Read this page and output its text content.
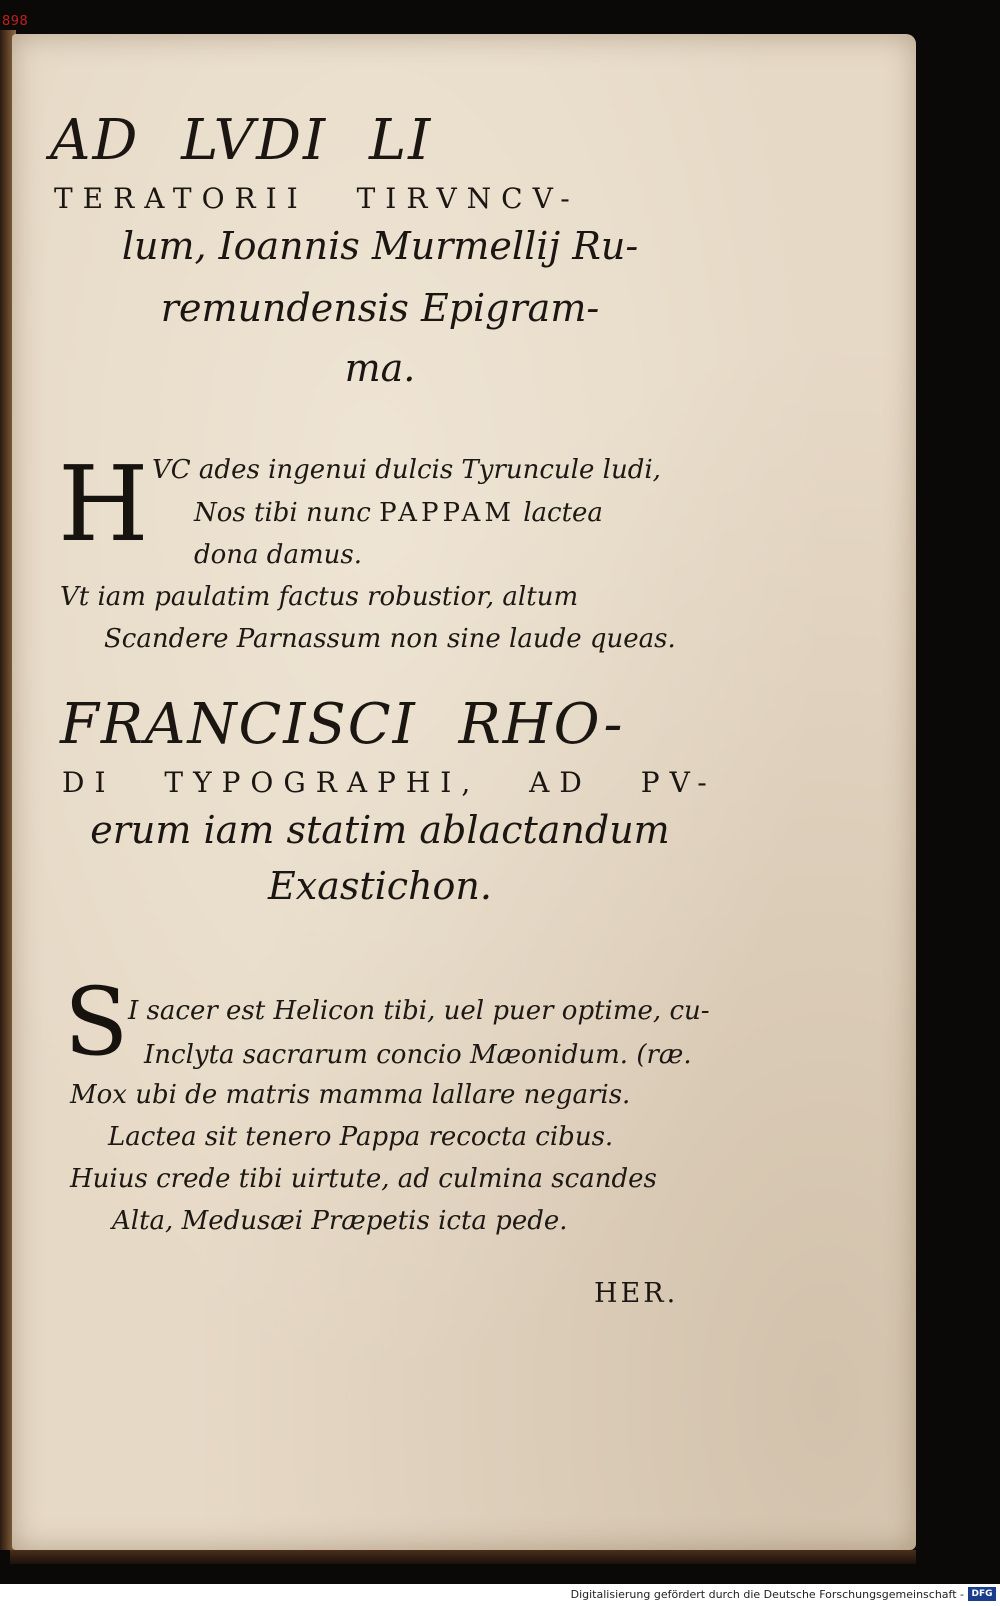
898
AD LVDI LI
TERATORII TIRVNCV-
lum, Ioannis Murmellij Ru-
remundensis Epigram-
ma.
H VC ades ingenui dulcis Tyruncule ludi,
Nos tibi nunc PAPPAM lactea
dona damus.
Vt iam paulatim factus robustior, altum
Scandere Parnassum non sine laude queas.
FRANCISCI RHO-
DI TYPOGRAPHI, AD PV-
erum iam statim ablactandum
Exastichon.
S I sacer est Helicon tibi, uel puer optime, cu-
Inclyta sacrarum concio Mæonidum. (ræ.
Mox ubi de matris mamma lallare negaris.
Lactea sit tenero Pappa recocta cibus.
Huius crede tibi uirtute, ad culmina scandes
Alta, Medusæi Præpetis icta pede.
HER.
Digitalisierung gefördert durch die Deutsche Forschungsgemeinschaft - DFG
